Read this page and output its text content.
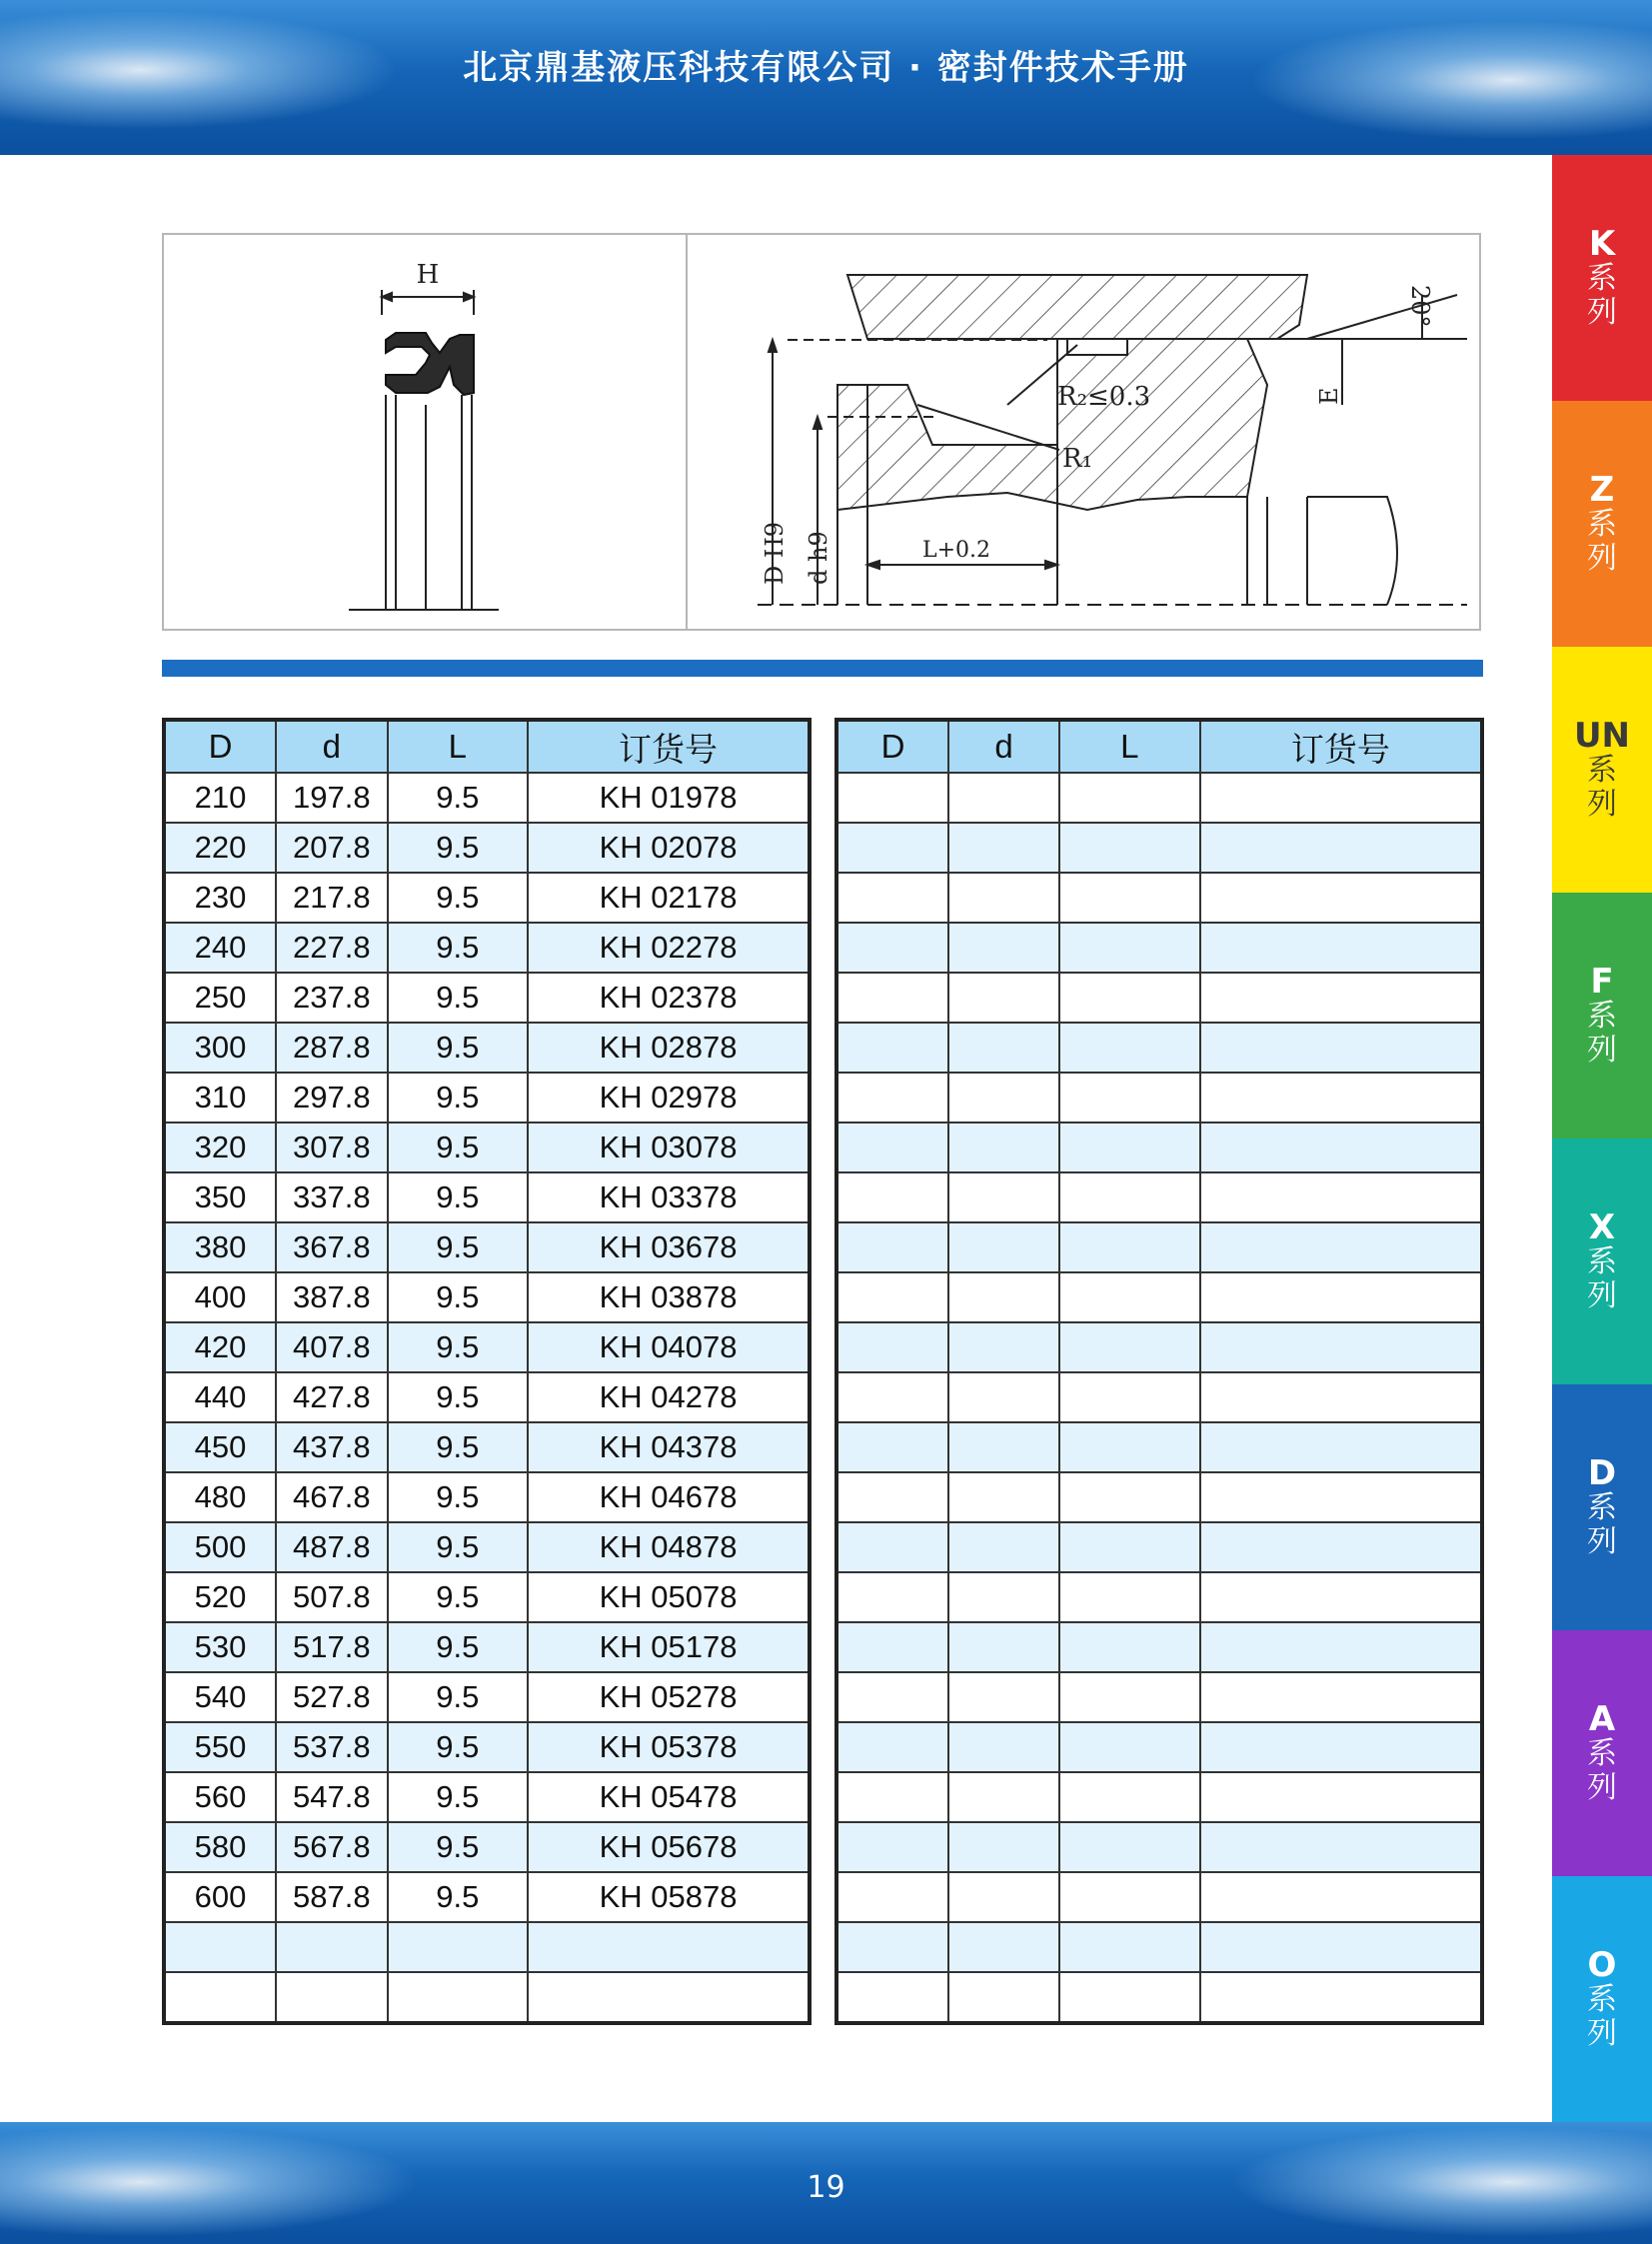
北京鼎基液压科技有限公司 · 密封件技术手册
K
系列
Z
系列
UN
系列
F
系列
X
系列
D
系列
A
系列
O
系列
H
R₂≤0.3
R₁
L+0.2
E
20°
D H9 d h9
D	d	L	订货号
210	197.8	9.5	KH 01978
220	207.8	9.5	KH 02078
230	217.8	9.5	KH 02178
240	227.8	9.5	KH 02278
250	237.8	9.5	KH 02378
300	287.8	9.5	KH 02878
310	297.8	9.5	KH 02978
320	307.8	9.5	KH 03078
350	337.8	9.5	KH 03378
380	367.8	9.5	KH 03678
400	387.8	9.5	KH 03878
420	407.8	9.5	KH 04078
440	427.8	9.5	KH 04278
450	437.8	9.5	KH 04378
480	467.8	9.5	KH 04678
500	487.8	9.5	KH 04878
520	507.8	9.5	KH 05078
530	517.8	9.5	KH 05178
540	527.8	9.5	KH 05278
550	537.8	9.5	KH 05378
560	547.8	9.5	KH 05478
580	567.8	9.5	KH 05678
600	587.8	9.5	KH 05878

D	d	L	订货号

19
